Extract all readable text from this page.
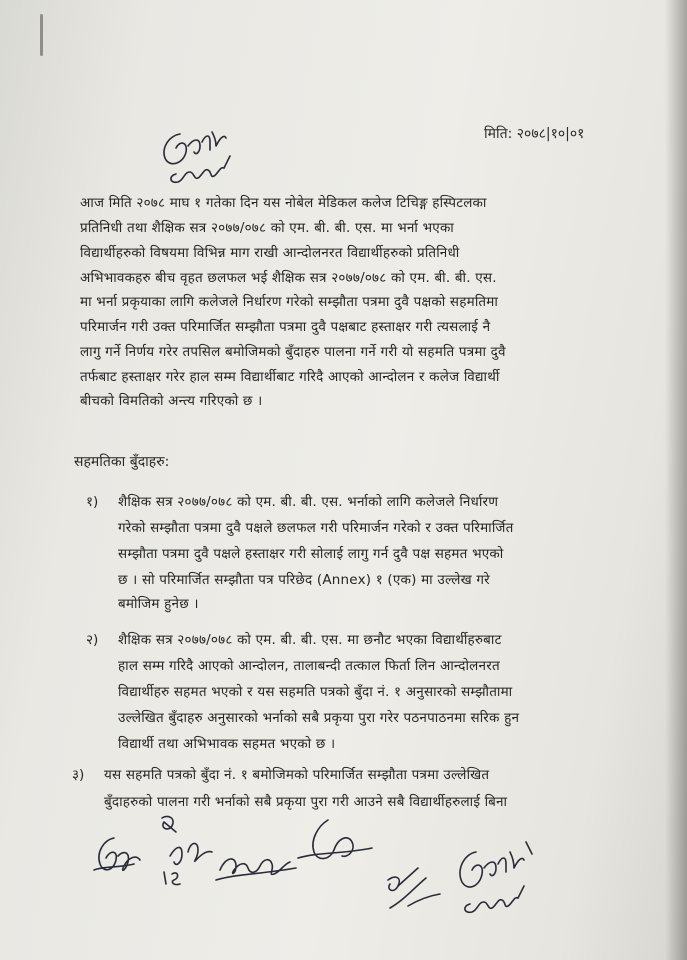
मिति: २०७८|१०|०१
आज मिति २०७८ माघ १ गतेका दिन यस नोबेल मेडिकल कलेज टिचिङ्ग हस्पिटलका
प्रतिनिधी तथा शैक्षिक सत्र २०७७/०७८ को एम. बी. बी. एस. मा भर्ना भएका
विद्यार्थीहरुको विषयमा विभिन्न माग राखी आन्दोलनरत विद्यार्थीहरुको प्रतिनिधी
अभिभावकहरु बीच वृहत छलफल भई शैक्षिक सत्र २०७७/०७८ को एम. बी. बी. एस.
मा भर्ना प्रकृयाका लागि कलेजले निर्धारण गरेको सम्झौता पत्रमा दुवै पक्षको सहमतिमा
परिमार्जन गरी उक्त परिमार्जित सम्झौता पत्रमा दुवै पक्षबाट हस्ताक्षर गरी त्यसलाई नै
लागु गर्ने निर्णय गरेर तपसिल बमोजिमको बुँदाहरु पालना गर्ने गरी यो सहमति पत्रमा दुवै
तर्फबाट हस्ताक्षर गरेर हाल सम्म विद्यार्थीबाट गरिदै आएको आन्दोलन र कलेज विद्यार्थी
बीचको विमतिको अन्त्य गरिएको छ ।
सहमतिका बुँदाहरु:
१) शैक्षिक सत्र २०७७/०७८ को एम. बी. बी. एस. भर्नाको लागि कलेजले निर्धारण
गरेको सम्झौता पत्रमा दुवै पक्षले छलफल गरी परिमार्जन गरेको र उक्त परिमार्जित
सम्झौता पत्रमा दुवै पक्षले हस्ताक्षर गरी सोलाई लागु गर्न दुवै पक्ष सहमत भएको
छ । सो परिमार्जित सम्झौता पत्र परिछेद (Annex) १ (एक) मा उल्लेख गरे
बमोजिम हुनेछ ।
२) शैक्षिक सत्र २०७७/०७८ को एम. बी. बी. एस. मा छनौट भएका विद्यार्थीहरुबाट
हाल सम्म गरिदै आएको आन्दोलन, तालाबन्दी तत्काल फिर्ता लिन आन्दोलनरत
विद्यार्थीहरु सहमत भएको र यस सहमति पत्रको बुँदा नं. १ अनुसारको सम्झौतामा
उल्लेखित बुँदाहरु अनुसारको भर्नाको सबै प्रकृया पुरा गरेर पठनपाठनमा सरिक हुन
विद्यार्थी तथा अभिभावक सहमत भएको छ ।
३) यस सहमति पत्रको बुँदा नं. १ बमोजिमको परिमार्जित सम्झौता पत्रमा उल्लेखित
बुँदाहरुको पालना गरी भर्नाको सबै प्रकृया पुरा गरी आउने सबै विद्यार्थीहरुलाई बिना
